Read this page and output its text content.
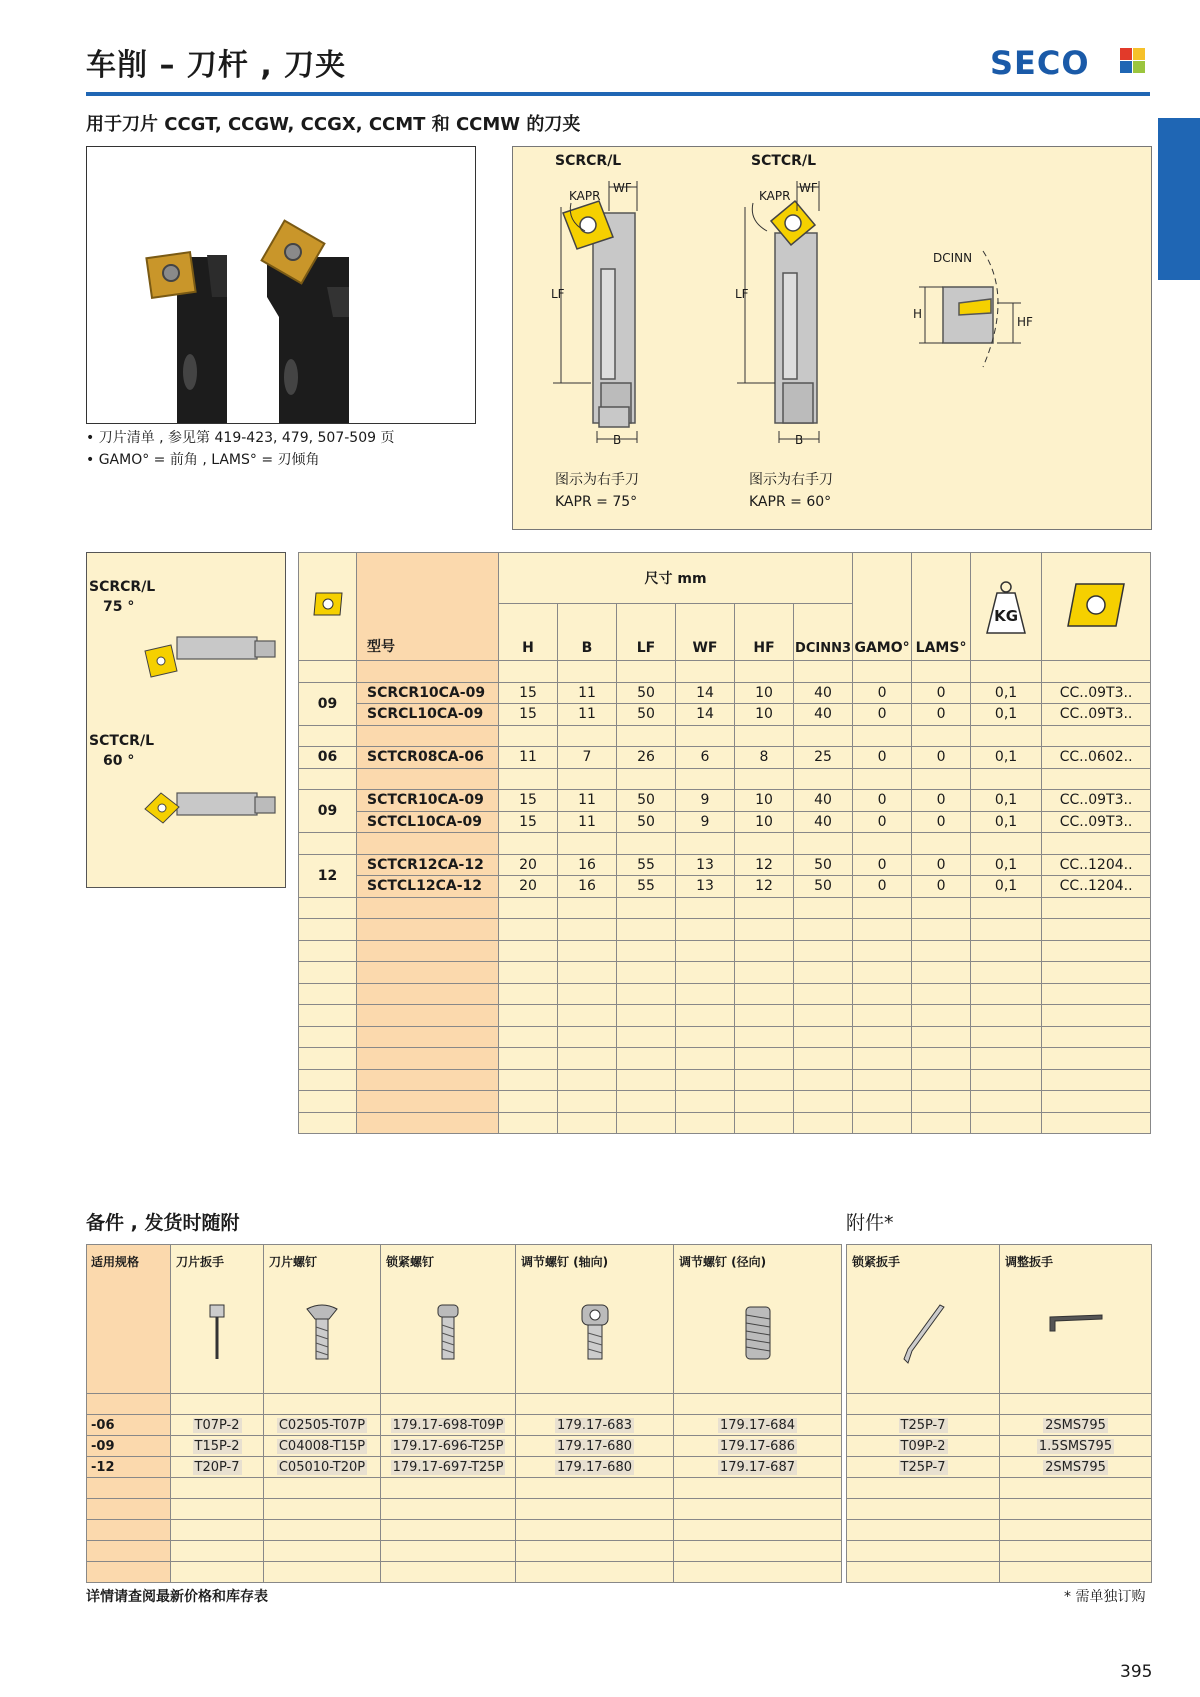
车削 – 刀杆 , 刀夹	SECO
用于刀片 CCGT, CCGW, CCGX, CCMT 和 CCMW 的刀夹
• 刀片清单 , 参见第 419-423, 479, 507-509 页
• GAMO° = 前角 , LAMS° = 刃倾角
SCRCR/L	SCTCR/L
KAPR
WF
LF
B
KAPR
WF
LF
B
DCINN
H
HF
图示为右手刀
KAPR = 75°
图示为右手刀
KAPR = 60°
SCRCR/L
75 °
SCTCR/L
60 °
	型号	尺寸 mm						GAMO°	LAMS°	KG

		H	B	LF	WF	HF	DCINN3				

09	SCRCR10CA-09	15	11	50	14	10	40	0	0	0,1	CC..09T3..
	SCRCL10CA-09	15	11	50	14	10	40	0	0	0,1	CC..09T3..

06	SCTCR08CA-06	11	7	26	6	8	25	0	0	0,1	CC..0602..

09	SCTCR10CA-09	15	11	50	9	10	40	0	0	0,1	CC..09T3..
	SCTCL10CA-09	15	11	50	9	10	40	0	0	0,1	CC..09T3..

12	SCTCR12CA-12	20	16	55	13	12	50	0	0	0,1	CC..1204..
	SCTCL12CA-12	20	16	55	13	12	50	0	0	0,1	CC..1204..

备件 , 发货时随附	附件*
适用规格	刀片扳手	刀片螺钉	锁紧螺钉	调节螺钉 (轴向)	调节螺钉 (径向)

-06	T07P-2	C02505-T07P	179.17-698-T09P	179.17-683	179.17-684
-09	T15P-2	C04008-T15P	179.17-696-T25P	179.17-680	179.17-686
-12	T20P-7	C05010-T20P	179.17-697-T25P	179.17-680	179.17-687

锁紧扳手	调整扳手

T25P-7	2SMS795
T09P-2	1.5SMS795
T25P-7	2SMS795

详情请查阅最新价格和库存表	* 需单独订购
395
